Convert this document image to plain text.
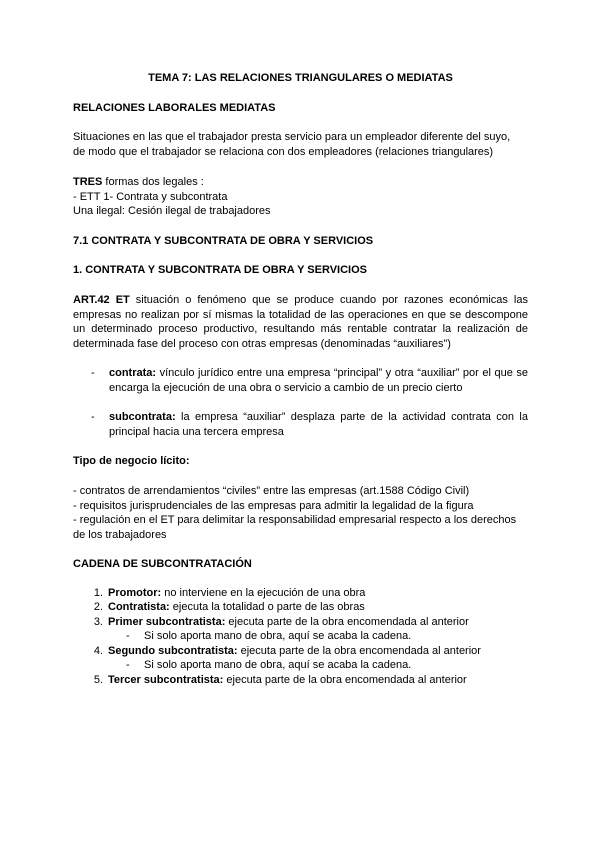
TEMA 7: LAS RELACIONES TRIANGULARES O MEDIATAS
RELACIONES LABORALES MEDIATAS
Situaciones en las que el trabajador presta servicio para un empleador diferente del suyo,
de modo que el trabajador se relaciona con dos empleadores (relaciones triangulares)
TRES formas dos legales :
- ETT 1- Contrata y subcontrata
Una ilegal: Cesión ilegal de trabajadores
7.1 CONTRATA Y SUBCONTRATA DE OBRA Y SERVICIOS
1. CONTRATA Y SUBCONTRATA DE OBRA Y SERVICIOS
ART.42 ET situación o fenómeno que se produce cuando por razones económicas las
empresas no realizan por sí mismas la totalidad de las operaciones en que se descompone
un determinado proceso productivo, resultando más rentable contratar la realización de
determinada fase del proceso con otras empresas (denominadas “auxiliares”)
- contrata: vínculo jurídico entre una empresa “principal” y otra “auxiliar” por el que se
encarga la ejecución de una obra o servicio a cambio de un precio cierto
- subcontrata: la empresa “auxiliar” desplaza parte de la actividad contrata con la
principal hacia una tercera empresa
Tipo de negocio lícito:
- contratos de arrendamientos “civiles” entre las empresas (art.1588 Código Civil)
- requisitos jurisprudenciales de las empresas para admitir la legalidad de la figura
- regulación en el ET para delimitar la responsabilidad empresarial respecto a los derechos
de los trabajadores
CADENA DE SUBCONTRATACIÓN
1. Promotor: no interviene en la ejecución de una obra
2. Contratista: ejecuta la totalidad o parte de las obras
3. Primer subcontratista: ejecuta parte de la obra encomendada al anterior
- Si solo aporta mano de obra, aquí se acaba la cadena.
4. Segundo subcontratista: ejecuta parte de la obra encomendada al anterior
- Si solo aporta mano de obra, aquí se acaba la cadena.
5. Tercer subcontratista: ejecuta parte de la obra encomendada al anterior
